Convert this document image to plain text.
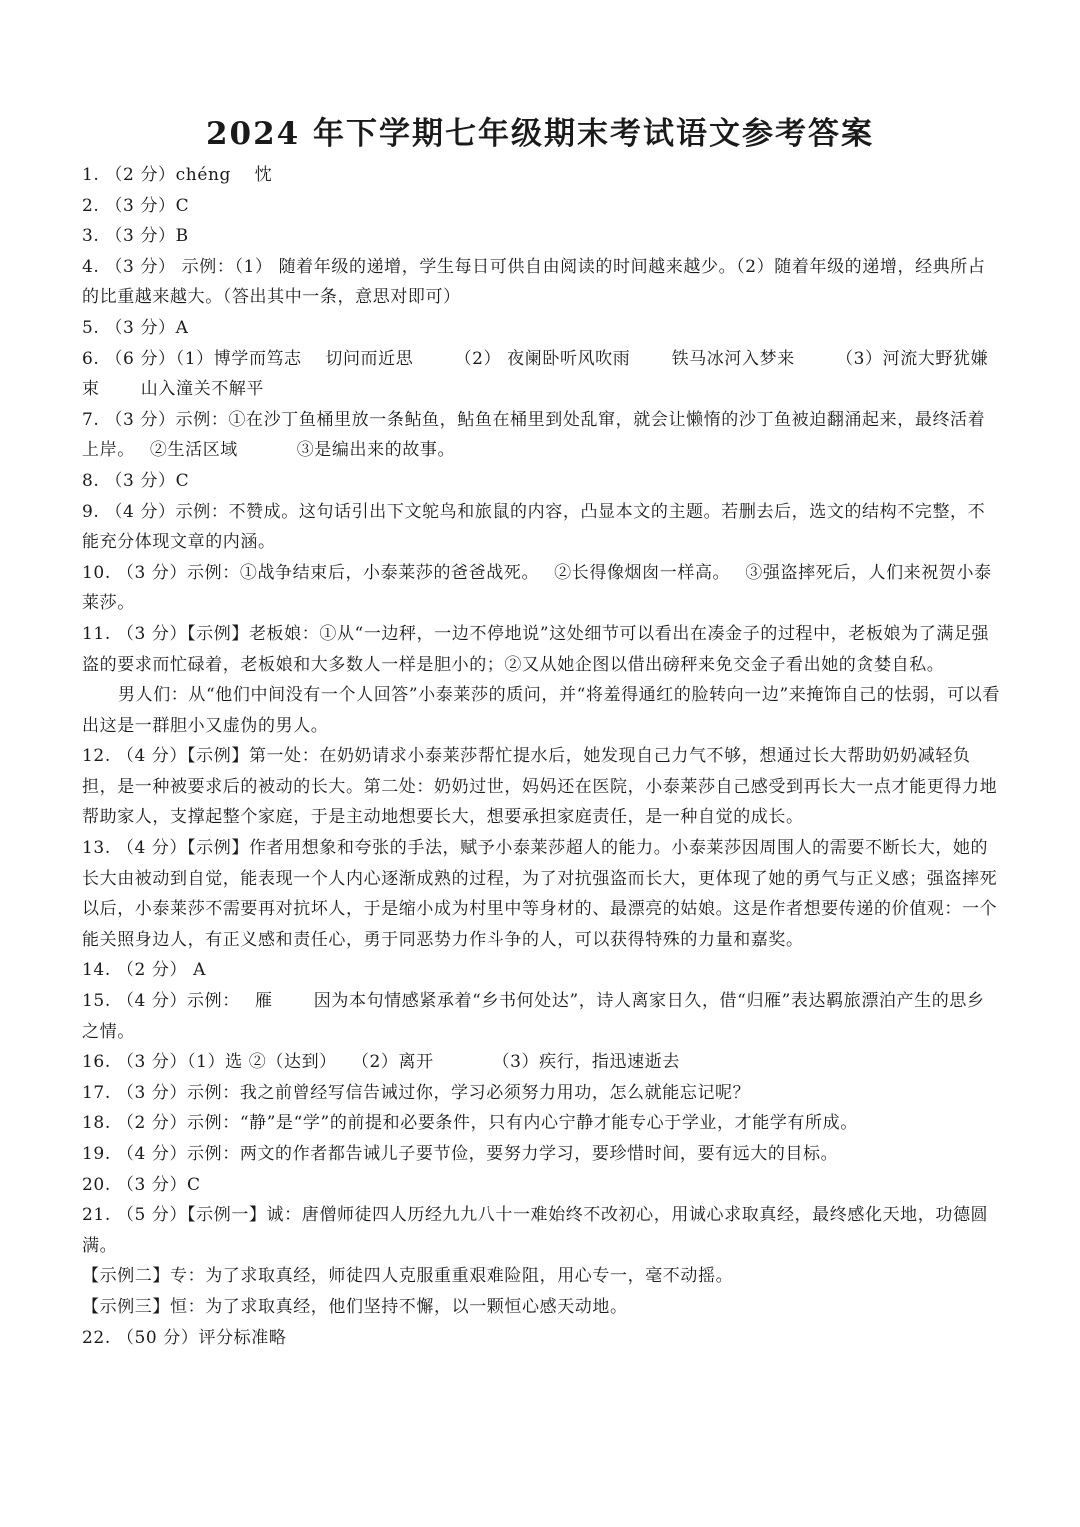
2024 年下学期七年级期末考试语文参考答案

1. （2 分）chéng　 忱

2. （3 分）C

3. （3 分）B

4. （3 分） 示例：（1） 随着年级的递增，学生每日可供自由阅读的时间越来越少。（2）随着年级的递增，经典所占的比重越来越大。（答出其中一条，意思对即可）

5. （3 分）A

6. （6 分）（1）博学而笃志　 切问而近思　　 （2） 夜阑卧听风吹雨　　 铁马冰河入梦来　　 （3）河流大野犹嫌束　　 山入潼关不解平

7. （3 分）示例：①在沙丁鱼桶里放一条鲇鱼，鲇鱼在桶里到处乱窜，就会让懒惰的沙丁鱼被迫翻涌起来，最终活着上岸。　 ②生活区域　　　 ③是编出来的故事。

8. （3 分）C

9. （4 分）示例：不赞成。这句话引出下文鸵鸟和旅鼠的内容，凸显本文的主题。若删去后，选文的结构不完整，不能充分体现文章的内涵。

10. （3 分）示例：①战争结束后，小泰莱莎的爸爸战死。　 ②长得像烟囱一样高。　 ③强盗摔死后，人们来祝贺小泰莱莎。

11. （3 分）【示例】老板娘：①从“一边秤，一边不停地说”这处细节可以看出在凑金子的过程中，老板娘为了满足强盗的要求而忙碌着，老板娘和大多数人一样是胆小的；②又从她企图以借出磅秤来免交金子看出她的贪婪自私。

男人们：从“他们中间没有一个人回答”小泰莱莎的质问，并“将羞得通红的脸转向一边”来掩饰自己的怯弱，可以看出这是一群胆小又虚伪的男人。

12. （4 分）【示例】第一处：在奶奶请求小泰莱莎帮忙提水后，她发现自己力气不够，想通过长大帮助奶奶减轻负担，是一种被要求后的被动的长大。第二处：奶奶过世，妈妈还在医院，小泰莱莎自己感受到再长大一点才能更得力地帮助家人，支撑起整个家庭，于是主动地想要长大，想要承担家庭责任，是一种自觉的成长。

13. （4 分）【示例】作者用想象和夸张的手法，赋予小泰莱莎超人的能力。小泰莱莎因周围人的需要不断长大，她的长大由被动到自觉，能表现一个人内心逐渐成熟的过程，为了对抗强盗而长大，更体现了她的勇气与正义感；强盗摔死以后，小泰莱莎不需要再对抗坏人，于是缩小成为村里中等身材的、最漂亮的姑娘。这是作者想要传递的价值观：一个能关照身边人，有正义感和责任心，勇于同恶势力作斗争的人，可以获得特殊的力量和嘉奖。

14. （2 分） A

15. （4 分）示例：　 雁　　 因为本句情感紧承着“乡书何处达”，诗人离家日久，借“归雁”表达羁旅漂泊产生的思乡之情。

16. （3 分）（1）选 ②（达到）　 （2）离开　　　 （3）疾行，指迅速逝去

17. （3 分）示例：我之前曾经写信告诫过你，学习必须努力用功，怎么就能忘记呢？

18. （2 分）示例：“静”是“学”的前提和必要条件，只有内心宁静才能专心于学业，才能学有所成。

19. （4 分）示例：两文的作者都告诫儿子要节俭，要努力学习，要珍惜时间，要有远大的目标。

20. （3 分）C

21. （5 分）【示例一】诚：唐僧师徒四人历经九九八十一难始终不改初心，用诚心求取真经，最终感化天地，功德圆满。

【示例二】专：为了求取真经，师徒四人克服重重艰难险阻，用心专一，毫不动摇。

【示例三】恒：为了求取真经，他们坚持不懈，以一颗恒心感天动地。

22. （50 分）评分标准略
